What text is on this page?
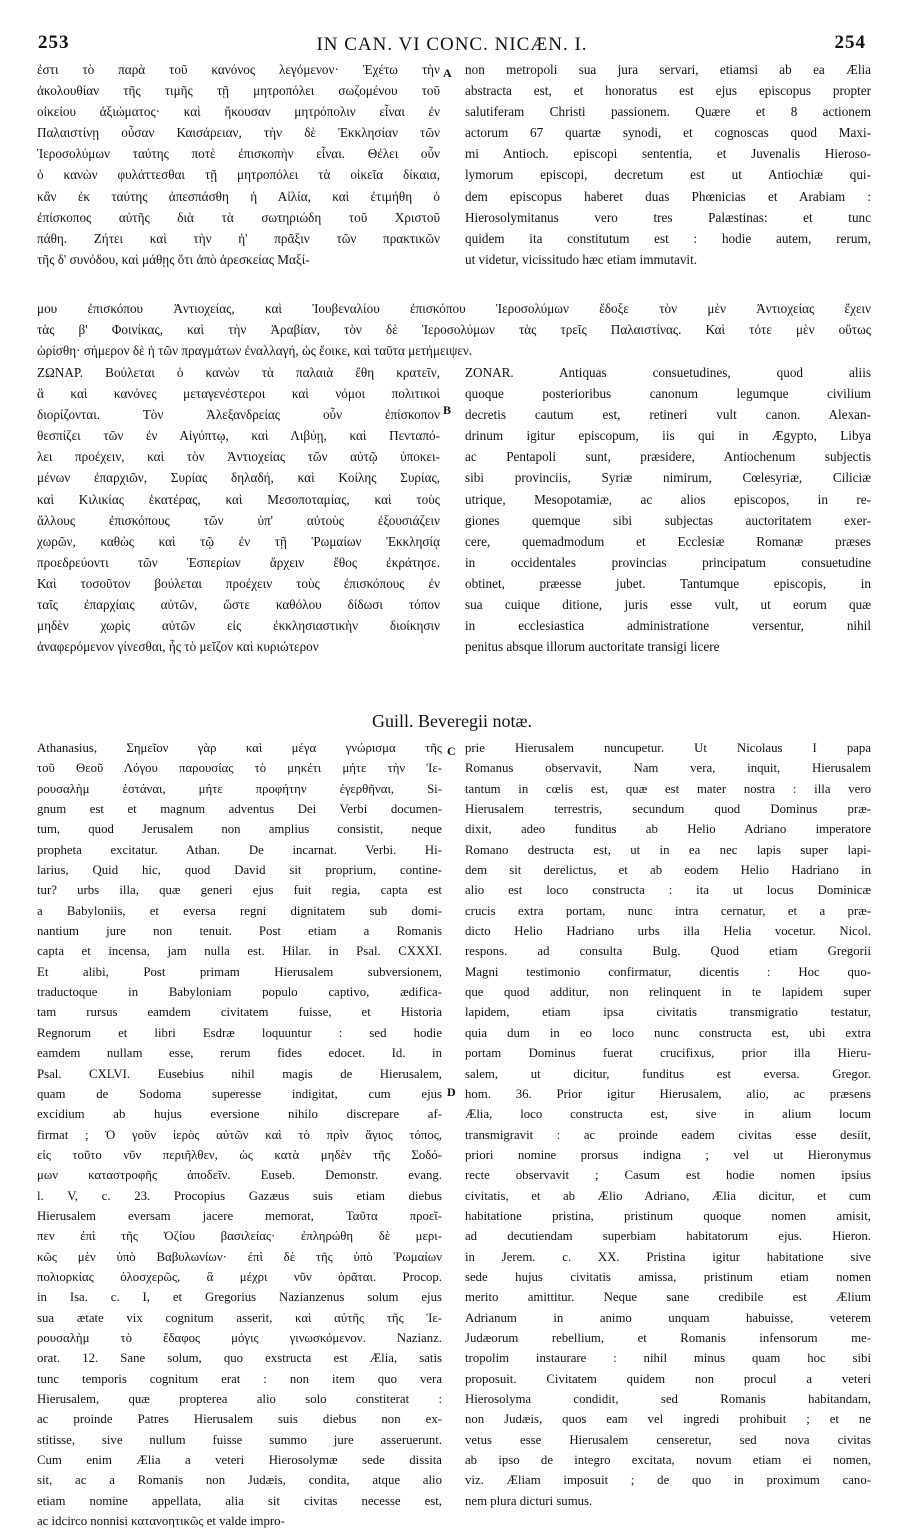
253	IN CAN. VI CONC. NICÆN. I.	254
A
B
C
D
ἐστι τὸ παρὰ τοῦ κανόνος λεγόμενον· Ἐχέτω τὴν
ἀκολουθίαν τῆς τιμῆς τῇ μητροπόλει σωζομένου τοῦ
οἰκείου ἀξιώματος· καὶ ἤκουσαν μητρόπολιν εἶναι ἐν
Παλαιστίνῃ οὖσαν Καισάρειαν, τὴν δὲ Ἐκκλησίαν τῶν
Ἱεροσολύμων ταύτης ποτὲ ἐπισκοπὴν εἶναι. Θέλει οὖν
ὁ κανὼν φυλάττεσθαι τῇ μητροπόλει τὰ οἰκεῖα δίκαια,
κἂν ἐκ ταύτης ἀπεσπάσθη ἡ Αἰλία, καὶ ἐτιμήθη ὁ
ἐπίσκοπος αὐτῆς διὰ τὰ σωτηριώδη τοῦ Χριστοῦ
πάθη. Ζήτει καὶ τὴν ἡ' πρᾶξιν τῶν πρακτικῶν
τῆς δ' συνόδου, καὶ μάθῃς ὅτι ἀπὸ ἀρεσκείας Μαξί-
non metropoli sua jura servari, etiamsi ab ea Ælia
abstracta est, et honoratus est ejus episcopus propter
salutiferam Christi passionem. Quære et 8 actionem
actorum 67 quartæ synodi, et cognoscas quod Maxi-
mi Antioch. episcopi sententia, et Juvenalis Hieroso-
lymorum episcopi, decretum est ut Antiochiæ qui-
dem episcopus haberet duas Phœnicias et Arabiam :
Hierosolymitanus vero tres Palæstinas: et tunc
quidem ita constitutum est : hodie autem, rerum,
ut videtur, vicissitudo hæc etiam immutavit.
μου ἐπισκόπου Ἀντιοχείας, καὶ Ἰουβεναλίου ἐπισκόπου Ἱεροσολύμων ἔδοξε τὸν μὲν Ἀντιοχείας ἔχειν
τὰς β' Φοινίκας, καὶ τὴν Ἀραβίαν, τὸν δὲ Ἱεροσολύμων τὰς τρεῖς Παλαιστίνας. Καὶ τότε μὲν οὕτως
ὡρίσθη· σήμερον δὲ ἡ τῶν πραγμάτων ἐναλλαγή, ὡς ἔοικε, καὶ ταῦτα μετήμειψεν.
ΖΩΝΑΡ. Βούλεται ὁ κανὼν τὰ παλαιὰ ἔθη κρατεῖν,
ἃ καὶ κανόνες μεταγενέστεροι καὶ νόμοι πολιτικοὶ
διορίζονται. Τὸν Ἀλεξανδρείας οὖν ἐπίσκοπον
θεσπίζει τῶν ἐν Αἰγύπτῳ, καὶ Λιβύῃ, καὶ Πενταπό-
λει προέχειν, καὶ τὸν Ἀντιοχείας τῶν αὐτῷ ὑποκει-
μένων ἐπαρχιῶν, Συρίας δηλαδή, καὶ Κοίλης Συρίας,
καὶ Κιλικίας ἑκατέρας, καὶ Μεσοποταμίας, καὶ τοὺς
ἄλλους ἐπισκόπους τῶν ὑπ' αὐτοὺς ἐξουσιάζειν
χωρῶν, καθὼς καὶ τῷ ἐν τῇ Ῥωμαίων Ἐκκλησίᾳ
προεδρεύοντι τῶν Ἑσπερίων ἄρχειν ἔθος ἐκράτησε.
Καὶ τοσοῦτον βούλεται προέχειν τοὺς ἐπισκόπους ἐν
ταῖς ἐπαρχίαις αὐτῶν, ὥστε καθόλου δίδωσι τόπον
μηδὲν χωρὶς αὐτῶν εἰς ἐκκλησιαστικὴν διοίκησιν
ἀναφερόμενον γίνεσθαι, ἧς τὸ μεῖζον καὶ κυριώτερον
ZONAR. Antiquas consuetudines, quod aliis
quoque posterioribus canonum legumque civilium
decretis cautum est, retineri vult canon. Alexan-
drinum igitur episcopum, iis qui in Ægypto, Libya
ac Pentapoli sunt, præsidere, Antiochenum subjectis
sibi provinciis, Syriæ nimirum, Cœlesyriæ, Ciliciæ
utrique, Mesopotamiæ, ac alios episcopos, in re-
giones quemque sibi subjectas auctoritatem exer-
cere, quemadmodum et Ecclesiæ Romanæ præses
in occidentales provincias principatum consuetudine
obtinet, præesse jubet. Tantumque episcopis, in
sua cuique ditione, juris esse vult, ut eorum quæ
in ecclesiastica administratione versentur, nihil
penitus absque illorum auctoritate transigi licere
Guill. Beveregii notæ.
Athanasius, Σημεῖον γὰρ καὶ μέγα γνώρισμα τῆς
τοῦ Θεοῦ Λόγου παρουσίας τὸ μηκέτι μήτε τὴν Ἱε-
ρουσαλὴμ ἑστάναι, μήτε προφήτην ἐγερθῆναι, Si-
gnum est et magnum adventus Dei Verbi documen-
tum, quod Jerusalem non amplius consistit, neque
propheta excitatur. Athan. De incarnat. Verbi. Hi-
larius, Quid hic, quod David sit proprium, contine-
tur? urbs illa, quæ generi ejus fuit regia, capta est
a Babyloniis, et eversa regni dignitatem sub domi-
nantium jure non tenuit. Post etiam a Romanis
capta et incensa, jam nulla est. Hilar. in Psal. CXXXI.
Et alibi, Post primam Hierusalem subversionem,
traductoque in Babyloniam populo captivo, ædifica-
tam rursus eamdem civitatem fuisse, et Historia
Regnorum et libri Esdræ loquuntur : sed hodie
eamdem nullam esse, rerum fides edocet. Id. in
Psal. CXLVI. Eusebius nihil magis de Hierusalem,
quam de Sodoma superesse indigitat, cum ejus
excidium ab hujus eversione nihilo discrepare af-
firmat ; Ὁ γοῦν ἱερὸς αὐτῶν καὶ τὸ πρὶν ἅγιος τόπος,
εἰς τοῦτο νῦν περιῆλθεν, ὡς κατὰ μηδὲν τῆς Σοδό-
μων καταστροφῆς ἀποδεῖν. Euseb. Demonstr. evang.
l. V, c. 23. Procopius Gazæus suis etiam diebus
Hierusalem eversam jacere memorat, Ταῦτα προεῖ-
πεν ἐπὶ τῆς Ὀζίου βασιλείας· ἐπληρώθη δὲ μερι-
κῶς μὲν ὑπὸ Βαβυλωνίων· ἐπὶ δὲ τῆς ὑπὸ Ῥωμαίων
πολιορκίας ὁλοσχερῶς, ἃ μέχρι νῦν ὁρᾶται. Procop.
in Isa. c. I, et Gregorius Nazianzenus solum ejus
sua ætate vix cognitum asserit, καὶ αὐτῆς τῆς Ἱε-
ρουσαλὴμ τὸ ἔδαφος μόγις γινωσκόμενον. Nazianz.
orat. 12. Sane solum, quo exstructa est Ælia, satis
tunc temporis cognitum erat : non item quo vera
Hierusalem, quæ propterea alio solo constiterat :
ac proinde Patres Hierusalem suis diebus non ex-
stitisse, sive nullum fuisse summo jure asseruerunt.
Cum enim Ælia a veteri Hierosolymæ sede dissita
sit, ac a Romanis non Judæis, condita, atque alio
etiam nomine appellata, alia sit civitas necesse est,
ac idcirco nonnisi κατανοητικῶς et valde impro-
prie Hierusalem nuncupetur. Ut Nicolaus I papa
Romanus observavit, Nam vera, inquit, Hierusalem
tantum in cœlis est, quæ est mater nostra : illa vero
Hierusalem terrestris, secundum quod Dominus præ-
dixit, adeo funditus ab Helio Adriano imperatore
Romano destructa est, ut in ea nec lapis super lapi-
dem sit derelictus, et ab eodem Helio Hadriano in
alio est loco constructa : ita ut locus Dominicæ
crucis extra portam, nunc intra cernatur, et a præ-
dicto Helio Hadriano urbs illa Helia vocetur. Nicol.
respons. ad consulta Bulg. Quod etiam Gregorii
Magni testimonio confirmatur, dicentis : Hoc quo-
que quod additur, non relinquent in te lapidem super
lapidem, etiam ipsa civitatis transmigratio testatur,
quia dum in eo loco nunc constructa est, ubi extra
portam Dominus fuerat crucifixus, prior illa Hieru-
salem, ut dicitur, funditus est eversa. Gregor.
hom. 36. Prior igitur Hierusalem, alio, ac præsens
Ælia, loco constructa est, sive in alium locum
transmigravit : ac proinde eadem civitas esse desiit,
priori nomine prorsus indigna ; vel ut Hieronymus
recte observavit ; Casum est hodie nomen ipsius
civitatis, et ab Ælio Adriano, Ælia dicitur, et cum
habitatione pristina, pristinum quoque nomen amisit,
ad decutiendam superbiam habitatorum ejus. Hieron.
in Jerem. c. XX. Pristina igitur habitatione sive
sede hujus civitatis amissa, pristinum etiam nomen
merito amittitur. Neque sane credibile est Ælium
Adrianum in animo unquam habuisse, veterem
Judæorum rebellium, et Romanis infensorum me-
tropolim instaurare : nihil minus quam hoc sibi
proposuit. Civitatem quidem non procul a veteri
Hierosolyma condidit, sed Romanis habitandam,
non Judæis, quos eam vel ingredi prohibuit ; et ne
vetus esse Hierusalem censeretur, sed nova civitas
ab ipso de integro excitata, novum etiam ei nomen,
viz. Æliam imposuit ; de quo in proximum cano-
nem plura dicturi sumus.
